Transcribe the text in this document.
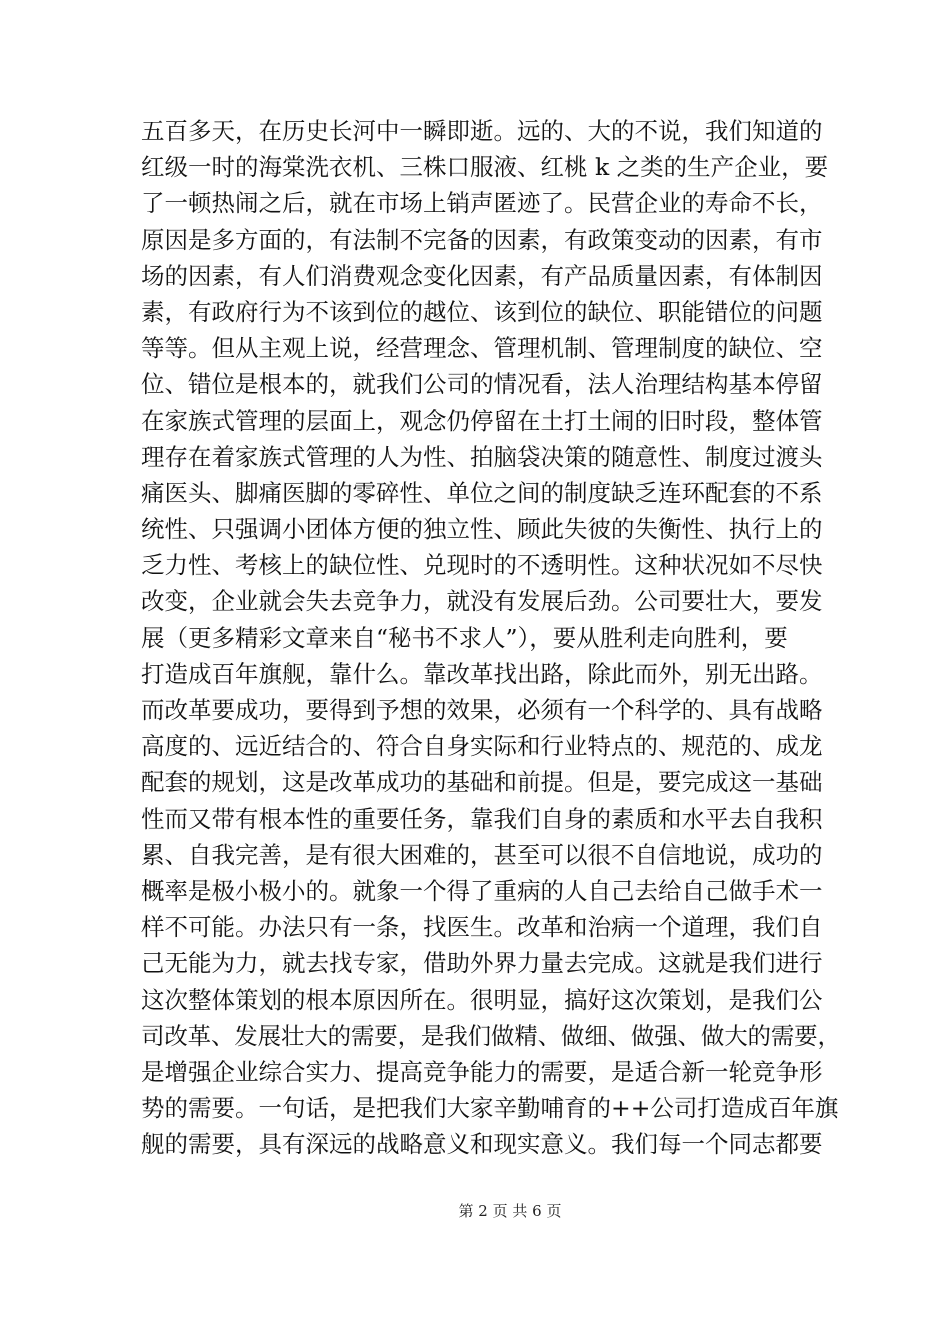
五百多天，在历史长河中一瞬即逝。远的、大的不说，我们知道的
红级一时的海棠洗衣机、三株口服液、红桃 k 之类的生产企业，要
了一顿热闹之后，就在市场上销声匿迹了。民营企业的寿命不长，
原因是多方面的，有法制不完备的因素，有政策变动的因素，有市
场的因素，有人们消费观念变化因素，有产品质量因素，有体制因
素，有政府行为不该到位的越位、该到位的缺位、职能错位的问题
等等。但从主观上说，经营理念、管理机制、管理制度的缺位、空
位、错位是根本的，就我们公司的情况看，法人治理结构基本停留
在家族式管理的层面上，观念仍停留在土打土闹的旧时段，整体管
理存在着家族式管理的人为性、拍脑袋决策的随意性、制度过渡头
痛医头、脚痛医脚的零碎性、单位之间的制度缺乏连环配套的不系
统性、只强调小团体方便的独立性、顾此失彼的失衡性、执行上的
乏力性、考核上的缺位性、兑现时的不透明性。这种状况如不尽快
改变，企业就会失去竞争力，就没有发展后劲。公司要壮大，要发
展（更多精彩文章来自“秘书不求人”），要从胜利走向胜利，要
打造成百年旗舰，靠什么。靠改革找出路，除此而外，别无出路。
而改革要成功，要得到予想的效果，必须有一个科学的、具有战略
高度的、远近结合的、符合自身实际和行业特点的、规范的、成龙
配套的规划，这是改革成功的基础和前提。但是，要完成这一基础
性而又带有根本性的重要任务，靠我们自身的素质和水平去自我积
累、自我完善，是有很大困难的，甚至可以很不自信地说，成功的
概率是极小极小的。就象一个得了重病的人自己去给自己做手术一
样不可能。办法只有一条，找医生。改革和治病一个道理，我们自
己无能为力，就去找专家，借助外界力量去完成。这就是我们进行
这次整体策划的根本原因所在。很明显，搞好这次策划，是我们公
司改革、发展壮大的需要，是我们做精、做细、做强、做大的需要，
是增强企业综合实力、提高竞争能力的需要，是适合新一轮竞争形
势的需要。一句话，是把我们大家辛勤哺育的++公司打造成百年旗
舰的需要，具有深远的战略意义和现实意义。我们每一个同志都要
第 2 页 共 6 页
